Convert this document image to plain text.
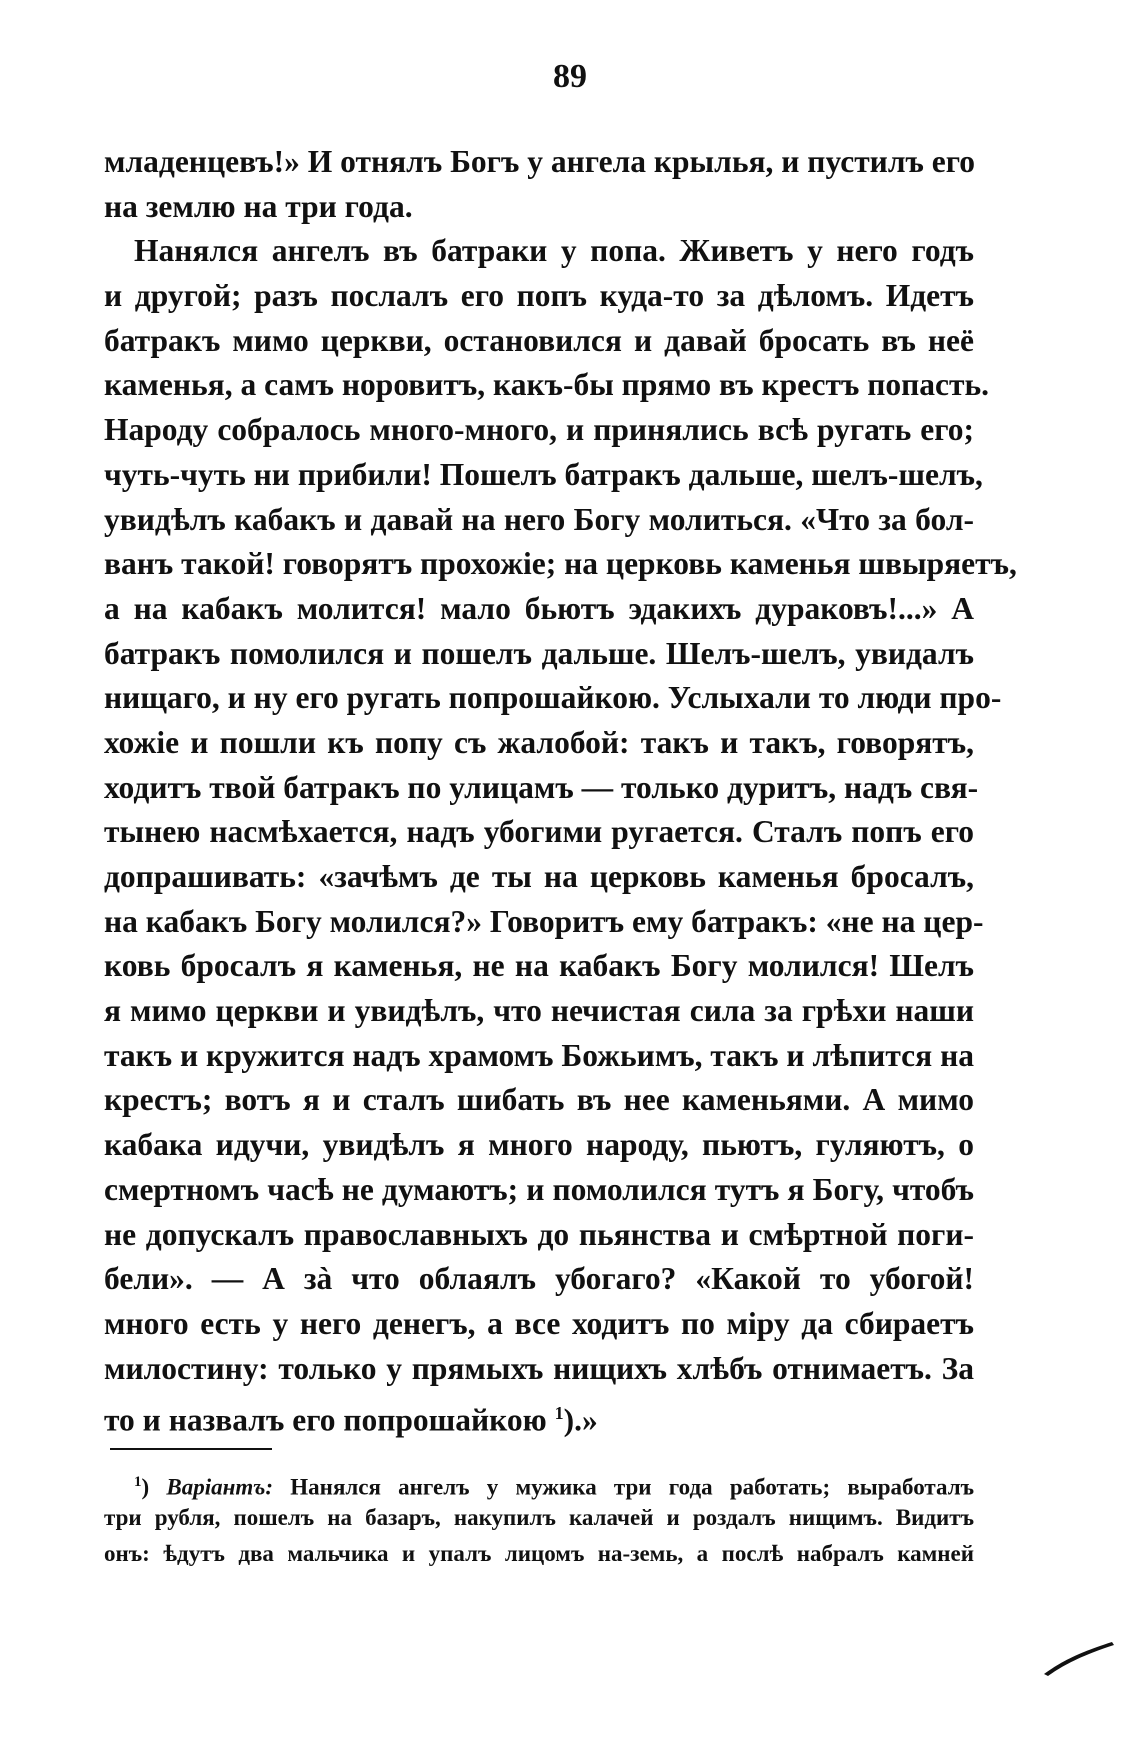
89
младенцевъ!» И отнялъ Богъ у ангела крылья, и пустилъ его
на землю на три года.
Нанялся ангелъ въ батраки у попа. Живетъ у него годъ
и другой; разъ послалъ его попъ куда-то за дѣломъ. Идетъ
батракъ мимо церкви, остановился и давай бросать въ неё
каменья, а самъ норовитъ, какъ-бы прямо въ крестъ попасть.
Народу собралось много-много, и принялись всѣ ругать его;
чуть-чуть ни прибили! Пошелъ батракъ дальше, шелъ-шелъ,
увидѣлъ кабакъ и давай на него Богу молиться. «Что за бол-
ванъ такой! говорятъ прохожіе; на церковь каменья швыряетъ,
а на кабакъ молится! мало бьютъ эдакихъ дураковъ!...» А
батракъ помолился и пошелъ дальше. Шелъ-шелъ, увидалъ
нищаго, и ну его ругать попрошайкою. Услыхали то люди про-
хожіе и пошли къ попу съ жалобой: такъ и такъ, говорятъ,
ходитъ твой батракъ по улицамъ — только дуритъ, надъ свя-
тынею насмѣхается, надъ убогими ругается. Сталъ попъ его
допрашивать: «зачѣмъ де ты на церковь каменья бросалъ,
на кабакъ Богу молился?» Говоритъ ему батракъ: «не на цер-
ковь бросалъ я каменья, не на кабакъ Богу молился! Шелъ
я мимо церкви и увидѣлъ, что нечистая сила за грѣхи наши
такъ и кружится надъ храмомъ Божьимъ, такъ и лѣпится на
крестъ; вотъ я и сталъ шибать въ нее каменьями. А мимо
кабака идучи, увидѣлъ я много народу, пьютъ, гуляютъ, о
смертномъ часѣ не думаютъ; и помолился тутъ я Богу, чтобъ
не допускалъ православныхъ до пьянства и смѣртной поги-
бели». — А зà что облаялъ убогаго? «Какой то убогой!
много есть у него денегъ, а все ходитъ по міру да сбираетъ
милостину: только у прямыхъ нищихъ хлѣбъ отнимаетъ. За
то и назвалъ его попрошайкою $^1$).»
$^1$) Варіантъ: Нанялся ангелъ у мужика три года работать; выработалъ
три рубля, пошелъ на базаръ, накупилъ калачей и роздалъ нищимъ. Видитъ
онъ: ѣдутъ два мальчика и упалъ лицомъ на-земь, а послѣ набралъ камней
